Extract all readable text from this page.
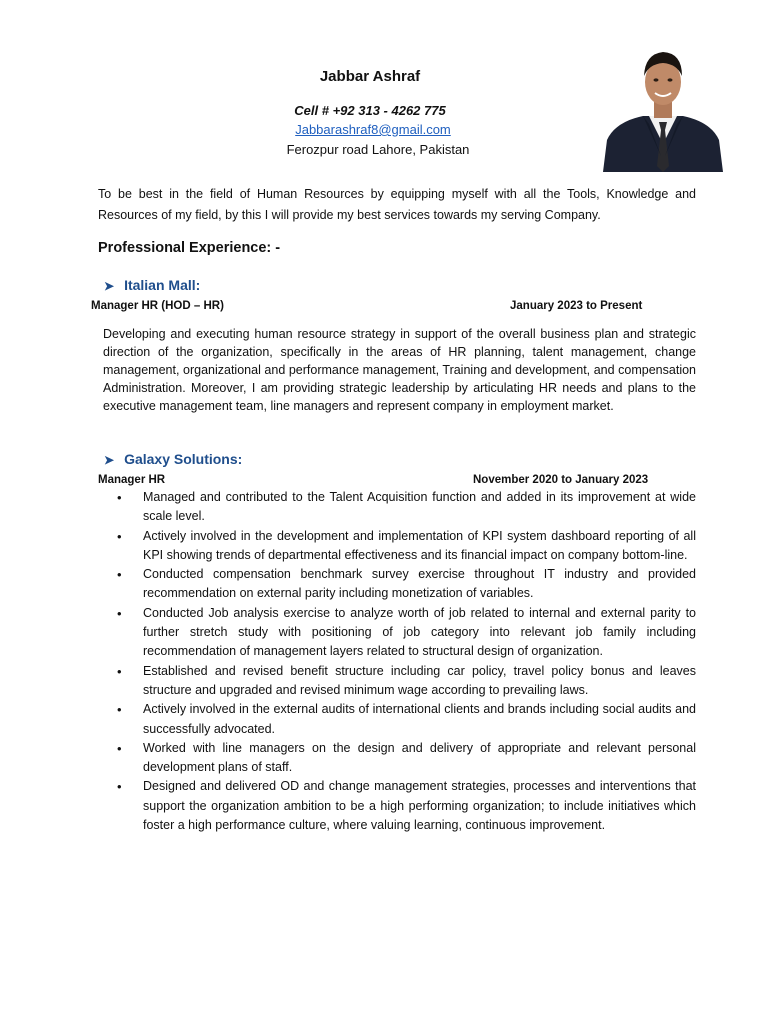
Jabbar Ashraf
Cell # +92 313 - 4262 775
Jabbarashraf8@gmail.com
Ferozpur road Lahore, Pakistan
To be best in the field of Human Resources by equipping myself with all the Tools, Knowledge and Resources of my field, by this I will provide my best services towards my serving Company.
Professional Experience: -
➤ Italian Mall:
Manager HR (HOD – HR)	January 2023 to Present
Developing and executing human resource strategy in support of the overall business plan and strategic direction of the organization, specifically in the areas of HR planning, talent management, change management, organizational and performance management, Training and development, and compensation Administration. Moreover, I am providing strategic leadership by articulating HR needs and plans to the executive management team, line managers and represent company in employment market.
➤ Galaxy Solutions:
Manager HR	November 2020 to January 2023
• Managed and contributed to the Talent Acquisition function and added in its improvement at wide scale level.
• Actively involved in the development and implementation of KPI system dashboard reporting of all KPI showing trends of departmental effectiveness and its financial impact on company bottom-line.
• Conducted compensation benchmark survey exercise throughout IT industry and provided recommendation on external parity including monetization of variables.
• Conducted Job analysis exercise to analyze worth of job related to internal and external parity to further stretch study with positioning of job category into relevant job family including recommendation of management layers related to structural design of organization.
• Established and revised benefit structure including car policy, travel policy bonus and leaves structure and upgraded and revised minimum wage according to prevailing laws.
• Actively involved in the external audits of international clients and brands including social audits and successfully advocated.
• Worked with line managers on the design and delivery of appropriate and relevant personal development plans of staff.
• Designed and delivered OD and change management strategies, processes and interventions that support the organization ambition to be a high performing organization; to include initiatives which foster a high performance culture, where valuing learning, continuous improvement.
